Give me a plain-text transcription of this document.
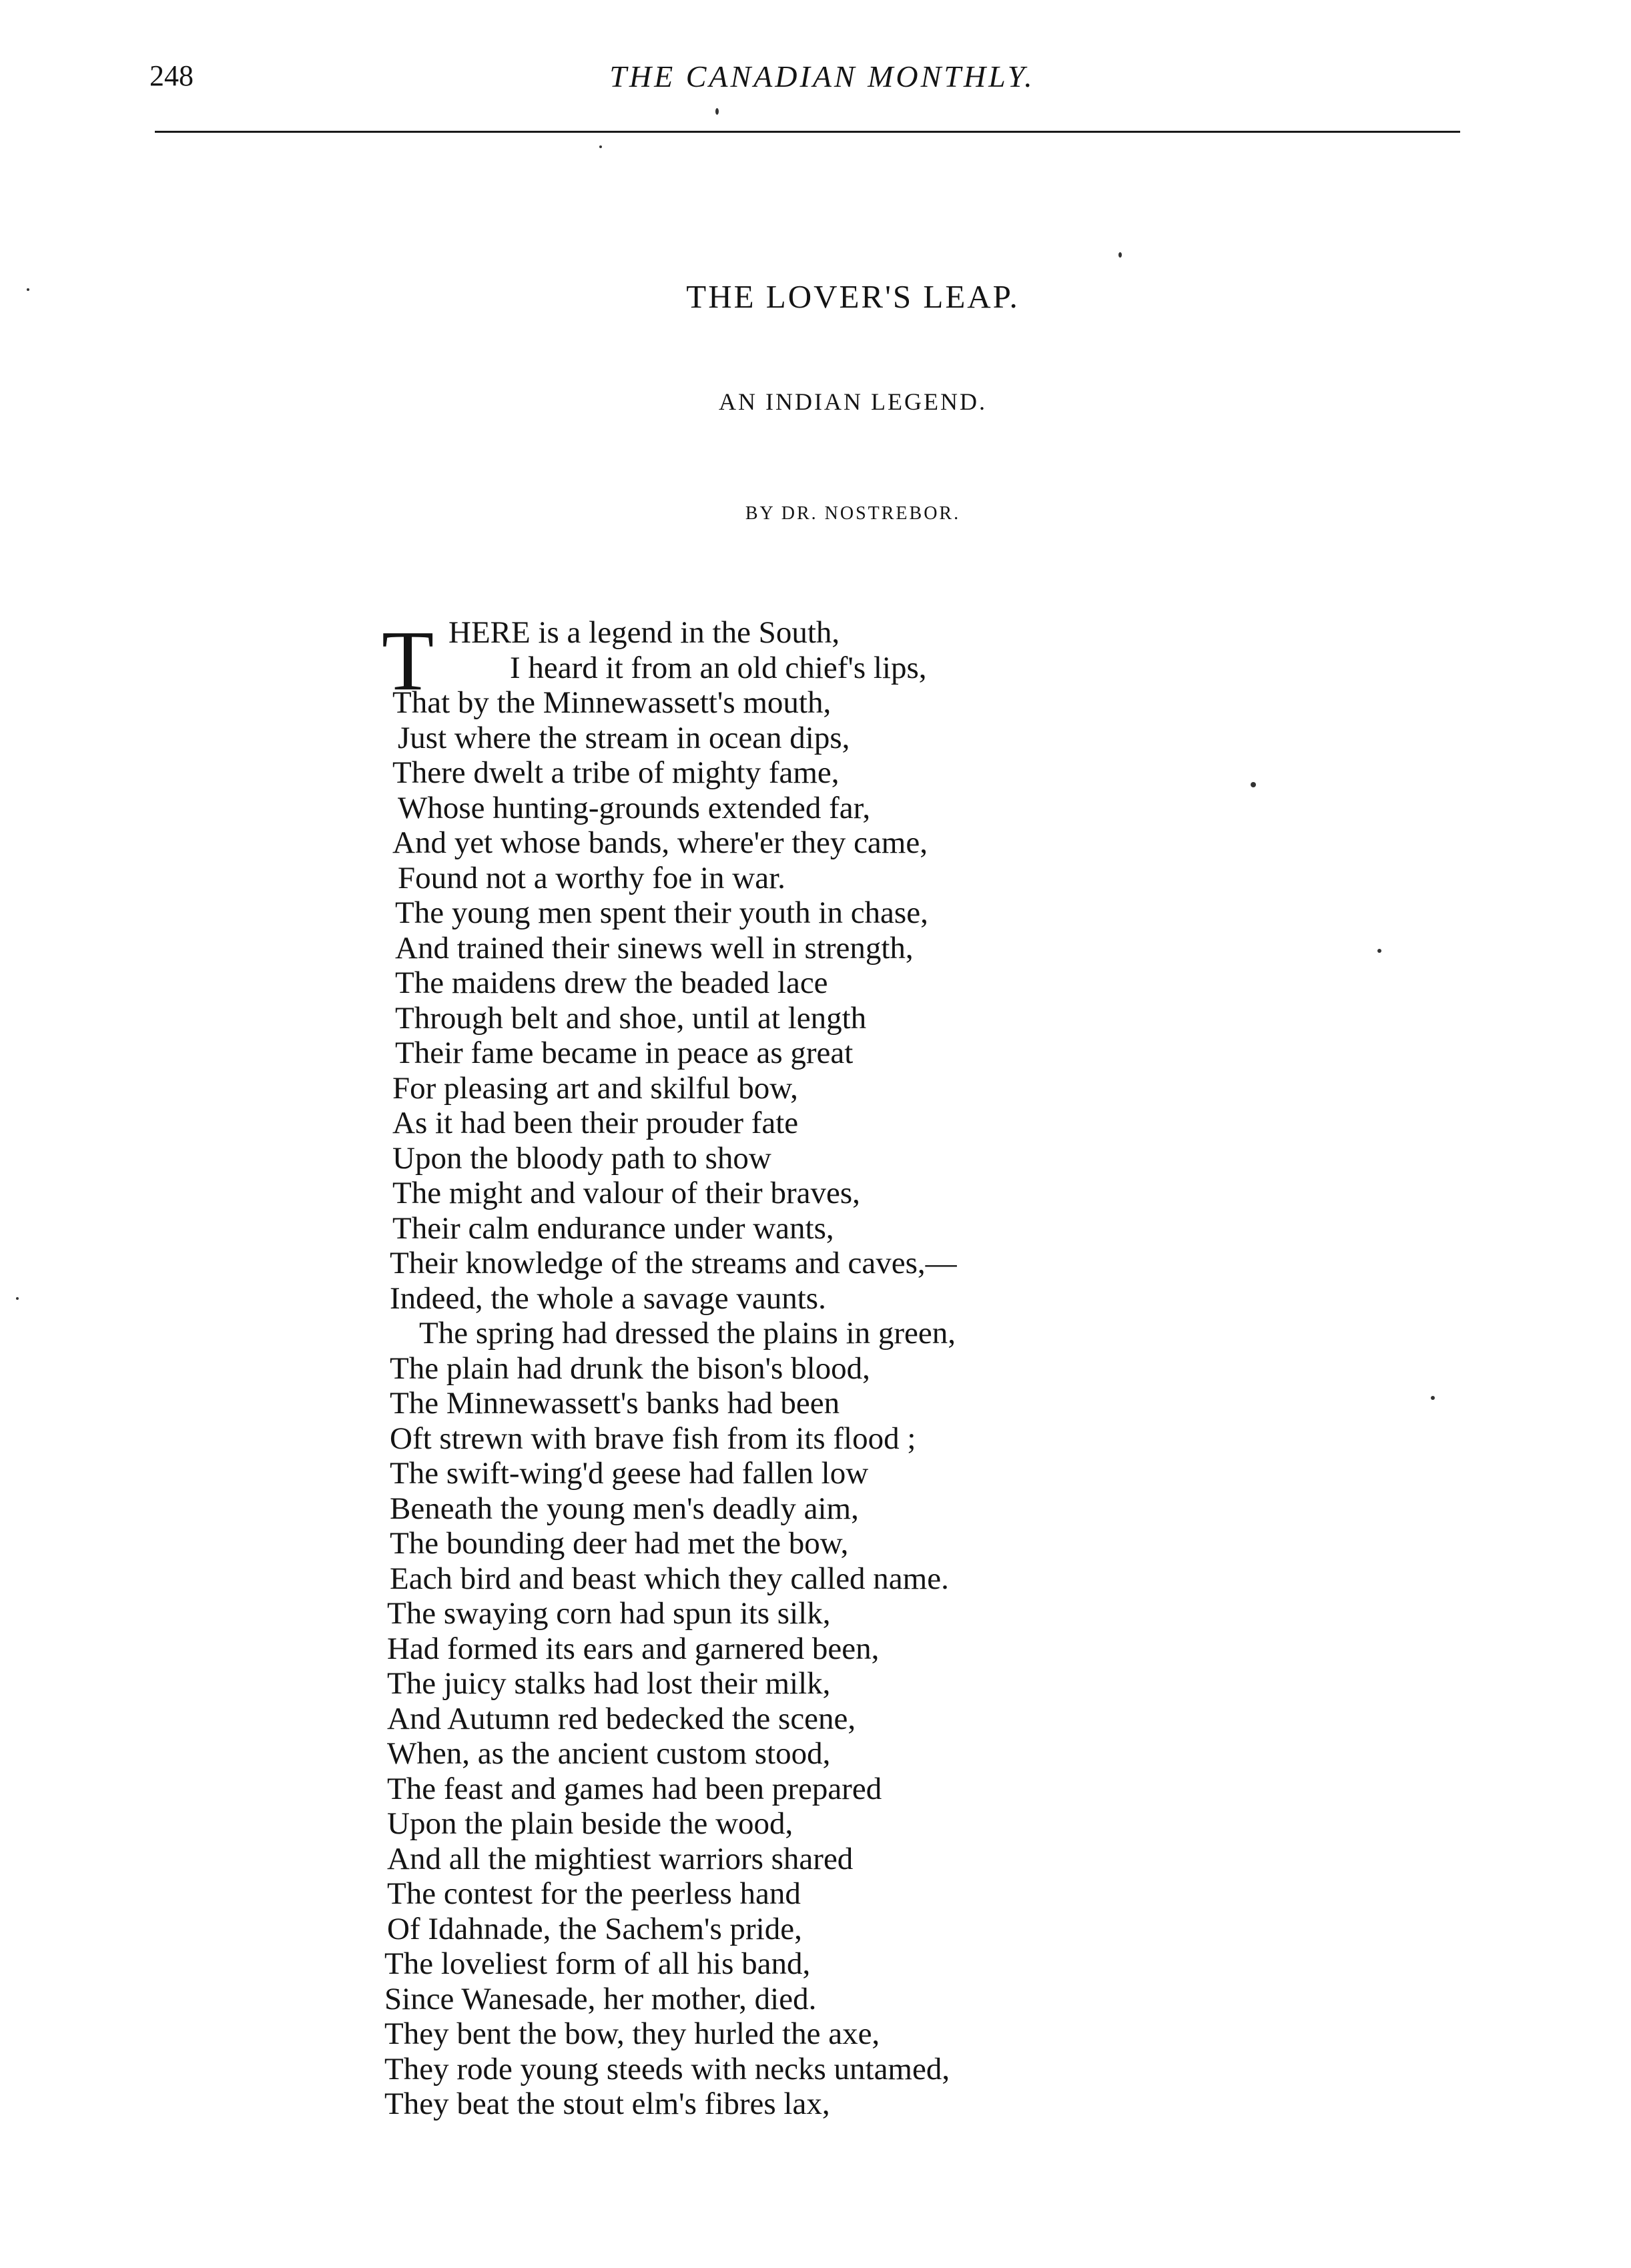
248	THE CANADIAN MONTHLY.
THE LOVER'S LEAP.
AN INDIAN LEGEND.
BY DR. NOSTREBOR.
T HERE is a legend in the South,
I heard it from an old chief's lips,
That by the Minnewassett's mouth,
Just where the stream in ocean dips,
There dwelt a tribe of mighty fame,
Whose hunting-grounds extended far,
And yet whose bands, where'er they came,
Found not a worthy foe in war.
The young men spent their youth in chase,
And trained their sinews well in strength,
The maidens drew the beaded lace
Through belt and shoe, until at length
Their fame became in peace as great
For pleasing art and skilful bow,
As it had been their prouder fate
Upon the bloody path to show
The might and valour of their braves,
Their calm endurance under wants,
Their knowledge of the streams and caves,—
Indeed, the whole a savage vaunts.
The spring had dressed the plains in green,
The plain had drunk the bison's blood,
The Minnewassett's banks had been
Oft strewn with brave fish from its flood ;
The swift-wing'd geese had fallen low
Beneath the young men's deadly aim,
The bounding deer had met the bow,
Each bird and beast which they called name.
The swaying corn had spun its silk,
Had formed its ears and garnered been,
The juicy stalks had lost their milk,
And Autumn red bedecked the scene,
When, as the ancient custom stood,
The feast and games had been prepared
Upon the plain beside the wood,
And all the mightiest warriors shared
The contest for the peerless hand
Of Idahnade, the Sachem's pride,
The loveliest form of all his band,
Since Wanesade, her mother, died.
They bent the bow, they hurled the axe,
They rode young steeds with necks untamed,
They beat the stout elm's fibres lax,
